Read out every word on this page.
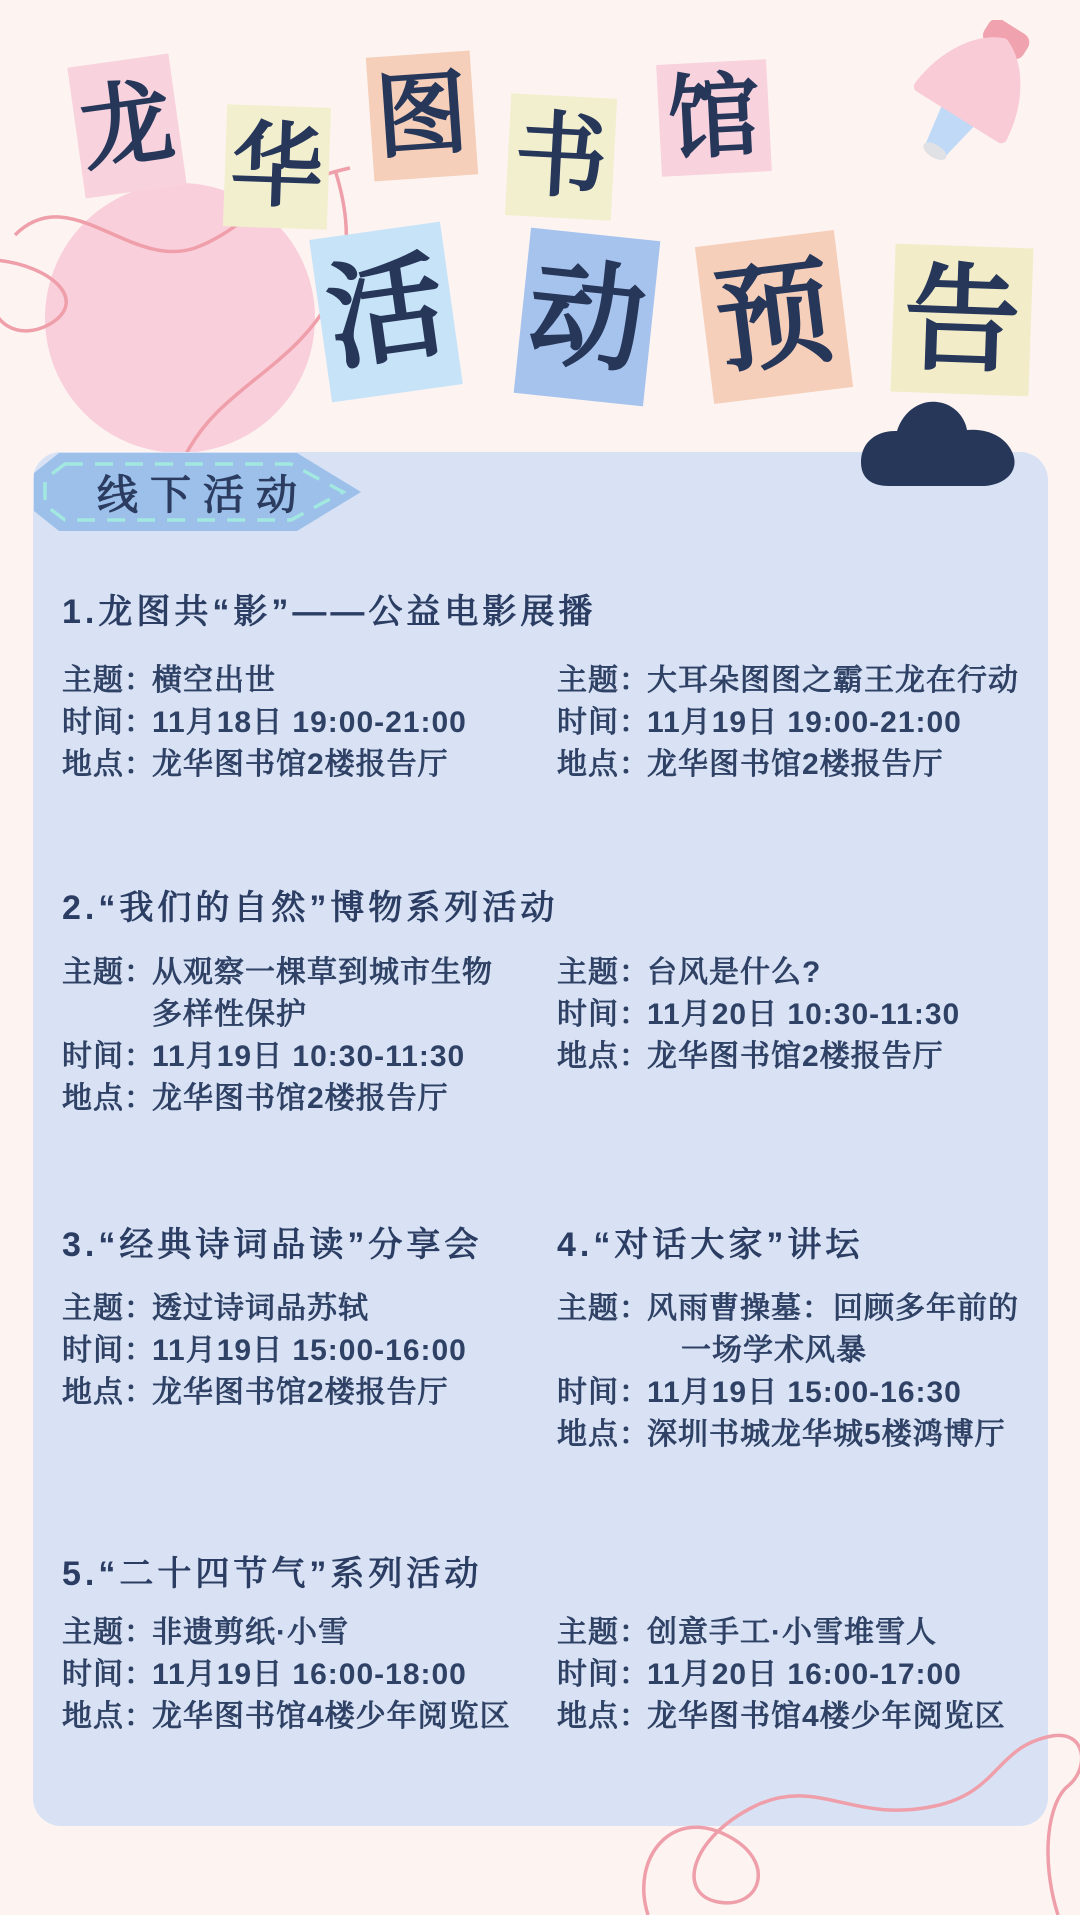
龙 华 图 书 馆
活 动 预 告
线下活动
1.龙图共“影”——公益电影展播
主题：
横空出世
时间：
11月18日 19:00-21:00
地点：
龙华图书馆2楼报告厅
主题：
大耳朵图图之霸王龙在行动
时间：
11月19日 19:00-21:00
地点：
龙华图书馆2楼报告厅
2.“我们的自然”博物系列活动
主题：
从观察一棵草到城市生物
多样性保护
时间：
11月19日 10:30-11:30
地点：
龙华图书馆2楼报告厅
主题：
台风是什么?
时间：
11月20日 10:30-11:30
地点：
龙华图书馆2楼报告厅
3.“经典诗词品读”分享会 4.“对话大家”讲坛
主题：
透过诗词品苏轼
时间：
11月19日 15:00-16:00
地点：
龙华图书馆2楼报告厅
主题：
风雨曹操墓：回顾多年前的
一场学术风暴
时间：
11月19日 15:00-16:30
地点：
深圳书城龙华城5楼鸿博厅
5.“二十四节气”系列活动
主题：
非遗剪纸·小雪
时间：
11月19日 16:00-18:00
地点：
龙华图书馆4楼少年阅览区
主题：
创意手工·小雪堆雪人
时间：
11月20日 16:00-17:00
地点：
龙华图书馆4楼少年阅览区
